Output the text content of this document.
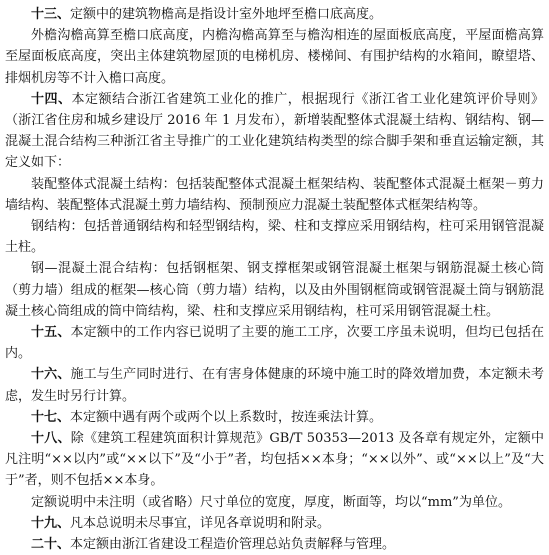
十三、定额中的建筑物檐高是指设计室外地坪至檐口底高度。

外檐沟檐高算至檐口底高度，内檐沟檐高算至与檐沟相连的屋面板底高度，平屋面檐高算至屋面板底高度，突出主体建筑物屋顶的电梯机房、楼梯间、有围护结构的水箱间，瞭望塔、排烟机房等不计入檐口高度。

十四、本定额结合浙江省建筑工业化的推广，根据现行《浙江省工业化建筑评价导则》（浙江省住房和城乡建设厅 2016 年 1 月发布），新增装配整体式混凝土结构、钢结构、钢—混凝土混合结构三种浙江省主导推广的工业化建筑结构类型的综合脚手架和垂直运输定额，其定义如下：

装配整体式混凝土结构：包括装配整体式混凝土框架结构、装配整体式混凝土框架－剪力墙结构、装配整体式混凝土剪力墙结构、预制预应力混凝土装配整体式框架结构等。

钢结构：包括普通钢结构和轻型钢结构，梁、柱和支撑应采用钢结构，柱可采用钢管混凝土柱。

钢—混凝土混合结构：包括钢框架、钢支撑框架或钢管混凝土框架与钢筋混凝土核心筒（剪力墙）组成的框架—核心筒（剪力墙）结构，以及由外围钢框筒或钢管混凝土筒与钢筋混凝土核心筒组成的筒中筒结构，梁、柱和支撑应采用钢结构，柱可采用钢管混凝土柱。

十五、本定额中的工作内容已说明了主要的施工工序，次要工序虽未说明，但均已包括在内。

十六、施工与生产同时进行、在有害身体健康的环境中施工时的降效增加费，本定额未考虑，发生时另行计算。

十七、本定额中遇有两个或两个以上系数时，按连乘法计算。

十八、除《建筑工程建筑面积计算规范》GB/T 50353—2013 及各章有规定外，定额中凡注明“××以内”或“××以下”及“小于”者，均包括××本身；“××以外”、或“××以上”及“大于”者，则不包括××本身。

定额说明中未注明（或省略）尺寸单位的宽度，厚度，断面等，均以“mm”为单位。

十九、凡本总说明未尽事宜，详见各章说明和附录。

二十、本定额由浙江省建设工程造价管理总站负责解释与管理。
